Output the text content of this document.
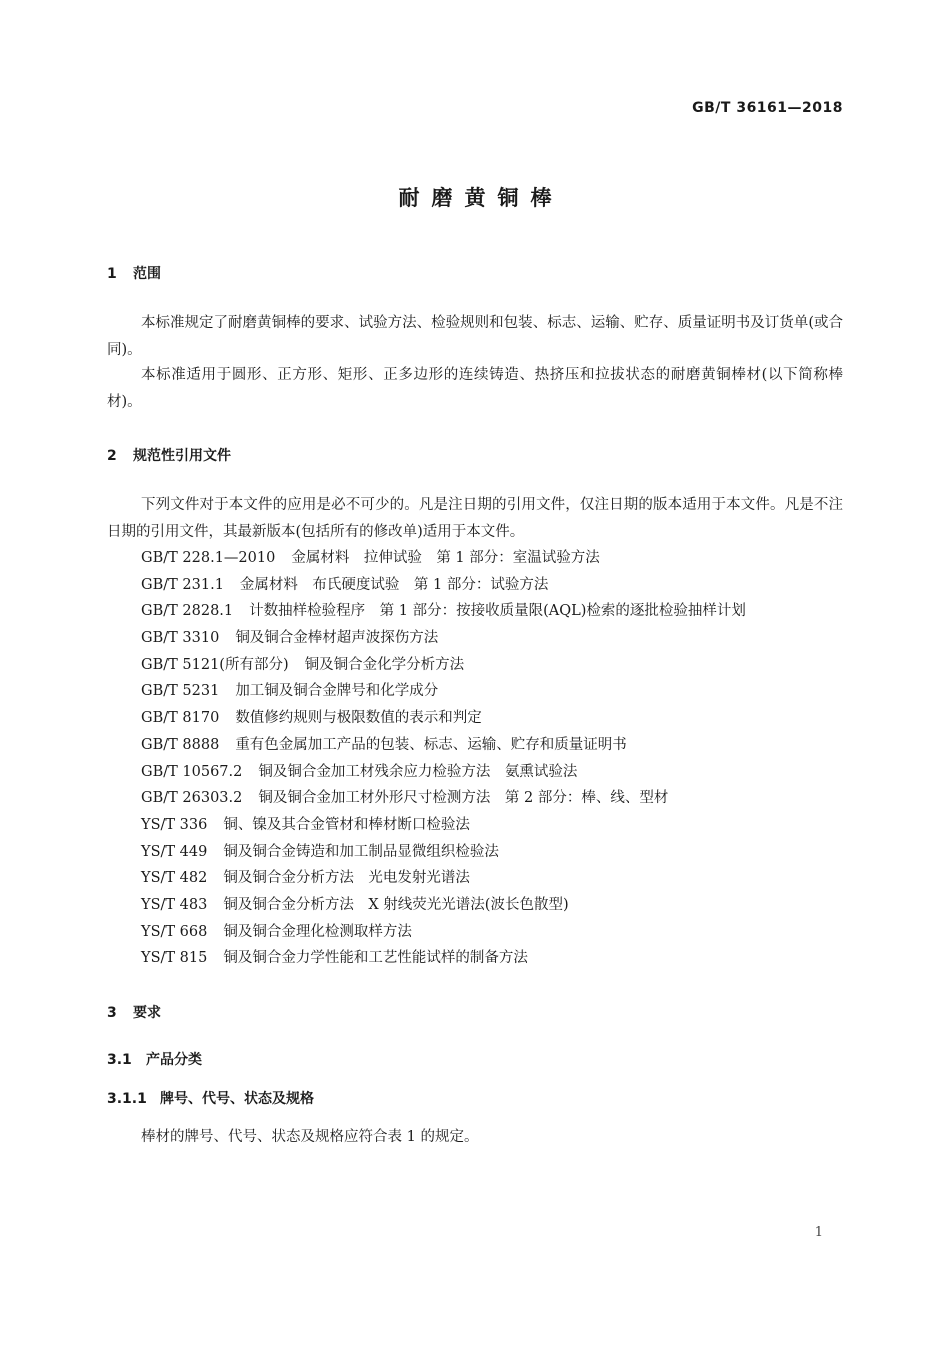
GB/T 36161—2018
耐磨黄铜棒
1 范围

本标准规定了耐磨黄铜棒的要求、试验方法、检验规则和包装、标志、运输、贮存、质量证明书及订货单(或合同)。

本标准适用于圆形、正方形、矩形、正多边形的连续铸造、热挤压和拉拔状态的耐磨黄铜棒材(以下简称棒材)。

2 规范性引用文件

下列文件对于本文件的应用是必不可少的。凡是注日期的引用文件，仅注日期的版本适用于本文件。凡是不注日期的引用文件，其最新版本(包括所有的修改单)适用于本文件。

GB/T 228.1—2010 金属材料　拉伸试验　第 1 部分：室温试验方法
GB/T 231.1 金属材料　布氏硬度试验　第 1 部分：试验方法
GB/T 2828.1 计数抽样检验程序　第 1 部分：按接收质量限(AQL)检索的逐批检验抽样计划
GB/T 3310 铜及铜合金棒材超声波探伤方法
GB/T 5121(所有部分) 铜及铜合金化学分析方法
GB/T 5231 加工铜及铜合金牌号和化学成分
GB/T 8170 数值修约规则与极限数值的表示和判定
GB/T 8888 重有色金属加工产品的包装、标志、运输、贮存和质量证明书
GB/T 10567.2 铜及铜合金加工材残余应力检验方法　氨熏试验法
GB/T 26303.2 铜及铜合金加工材外形尺寸检测方法　第 2 部分：棒、线、型材
YS/T 336 铜、镍及其合金管材和棒材断口检验法
YS/T 449 铜及铜合金铸造和加工制品显微组织检验法
YS/T 482 铜及铜合金分析方法　光电发射光谱法
YS/T 483 铜及铜合金分析方法　X 射线荧光光谱法(波长色散型)
YS/T 668 铜及铜合金理化检测取样方法
YS/T 815 铜及铜合金力学性能和工艺性能试样的制备方法
3 要求
3.1 产品分类
3.1.1 牌号、代号、状态及规格

棒材的牌号、代号、状态及规格应符合表 1 的规定。

1
